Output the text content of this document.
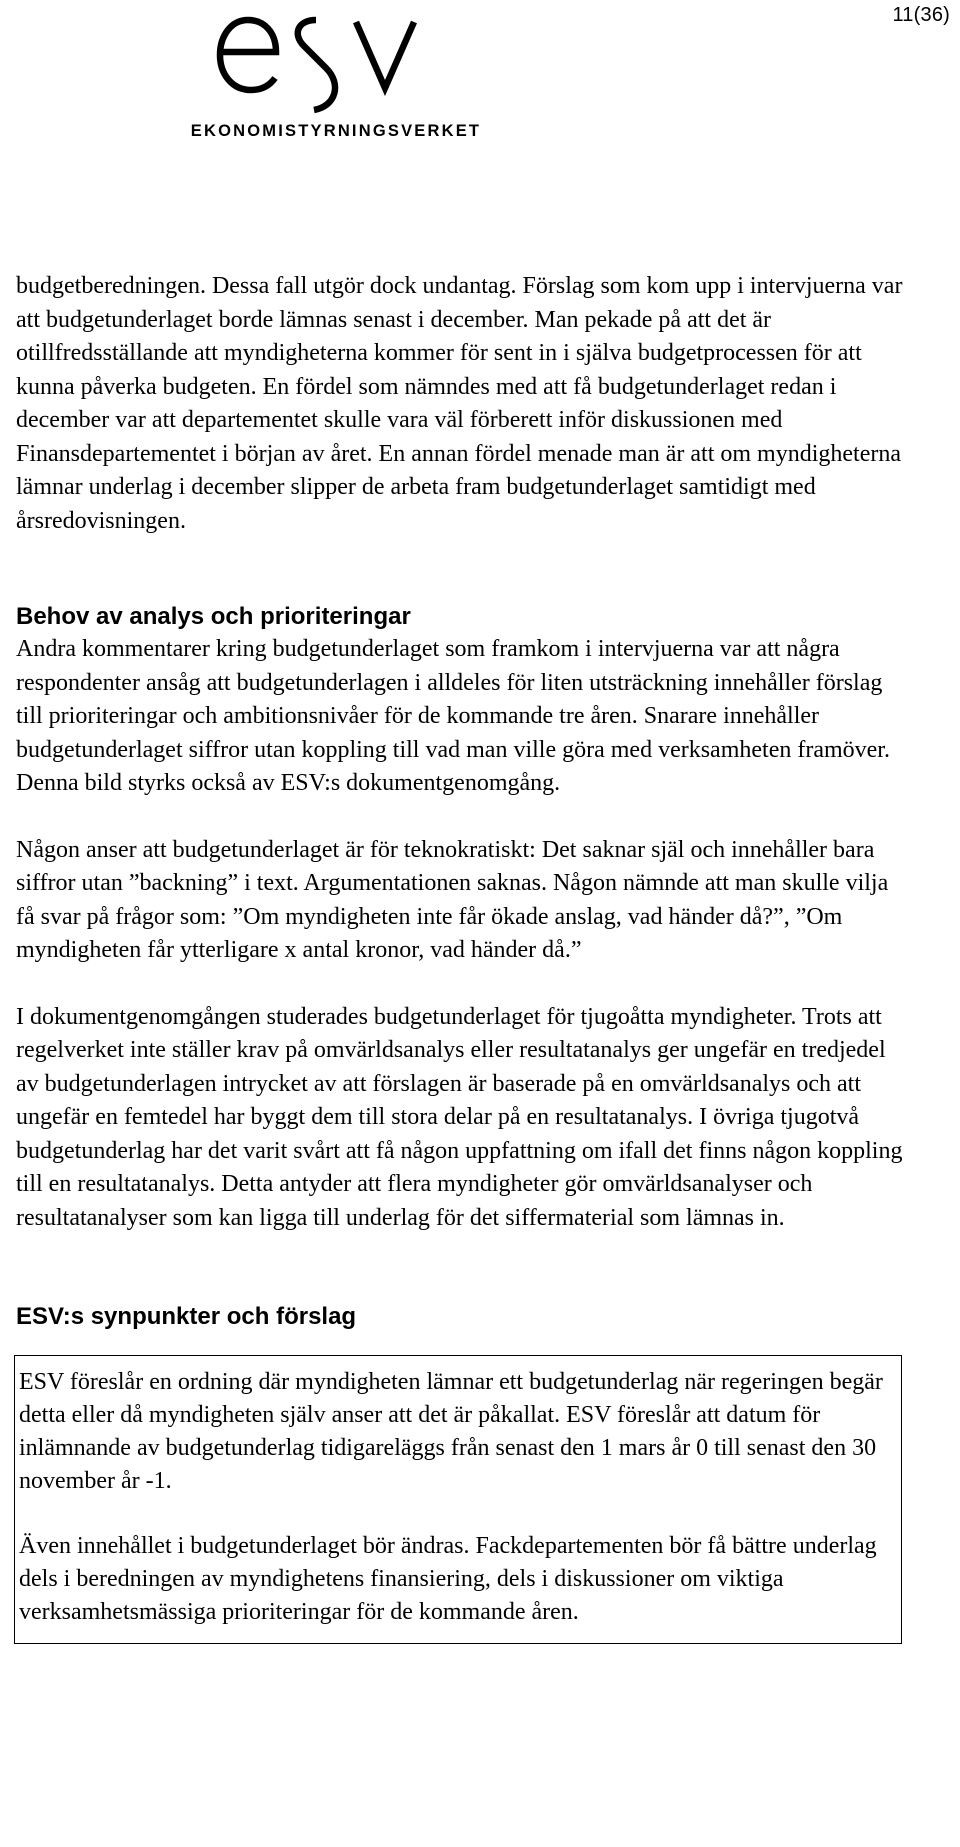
11(36)
EKONOMISTYRNINGSVERKET

budgetberedningen. Dessa fall utgör dock undantag. Förslag som kom upp i intervjuerna var att budgetunderlaget borde lämnas senast i december. Man pekade på att det är otillfredsställande att myndigheterna kommer för sent in i själva budgetprocessen för att kunna påverka budgeten. En fördel som nämndes med att få budgetunderlaget redan i december var att departementet skulle vara väl förberett inför diskussionen med Finansdepartementet i början av året. En annan fördel menade man är att om myndigheterna lämnar underlag i december slipper de arbeta fram budgetunderlaget samtidigt med årsredovisningen.

Behov av analys och prioriteringar

Andra kommentarer kring budgetunderlaget som framkom i intervjuerna var att några respondenter ansåg att budgetunderlagen i alldeles för liten utsträckning innehåller förslag till prioriteringar och ambitionsnivåer för de kommande tre åren. Snarare innehåller budgetunderlaget siffror utan koppling till vad man ville göra med verksamheten framöver. Denna bild styrks också av ESV:s dokumentgenomgång.

Någon anser att budgetunderlaget är för teknokratiskt: Det saknar själ och innehåller bara siffror utan ”backning” i text. Argumentationen saknas. Någon nämnde att man skulle vilja få svar på frågor som: ”Om myndigheten inte får ökade anslag, vad händer då?”, ”Om myndigheten får ytterligare x antal kronor, vad händer då.”

I dokumentgenomgången studerades budgetunderlaget för tjugoåtta myndigheter. Trots att regelverket inte ställer krav på omvärldsanalys eller resultatanalys ger ungefär en tredjedel av budgetunderlagen intrycket av att förslagen är baserade på en omvärldsanalys och att ungefär en femtedel har byggt dem till stora delar på en resultatanalys. I övriga tjugotvå budgetunderlag har det varit svårt att få någon uppfattning om ifall det finns någon koppling till en resultatanalys. Detta antyder att flera myndigheter gör omvärldsanalyser och resultatanalyser som kan ligga till underlag för det siffermaterial som lämnas in.

ESV:s synpunkter och förslag

ESV föreslår en ordning där myndigheten lämnar ett budgetunderlag när regeringen begär detta eller då myndigheten själv anser att det är påkallat. ESV föreslår att datum för inlämnande av budgetunderlag tidigareläggs från senast den 1 mars år 0 till senast den 30 november år -1.

Även innehållet i budgetunderlaget bör ändras. Fackdepartementen bör få bättre underlag dels i beredningen av myndighetens finansiering, dels i diskussioner om viktiga verksamhetsmässiga prioriteringar för de kommande åren.
